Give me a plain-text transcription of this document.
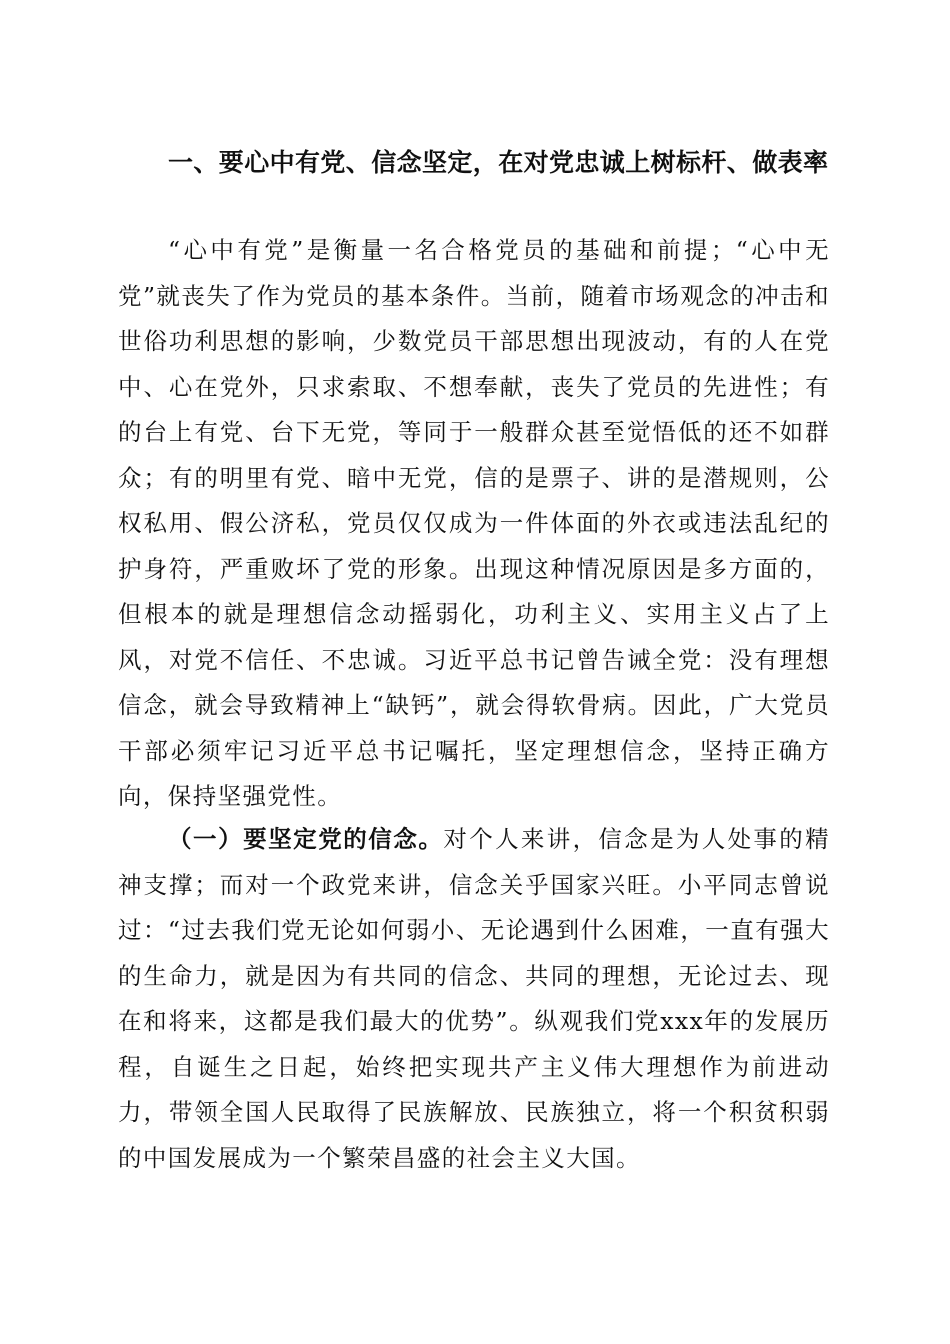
一、要心中有党、信念坚定，在对党忠诚上树标杆、做表率

“心中有党”是衡量一名合格党员的基础和前提；“心中无党”就丧失了作为党员的基本条件。当前，随着市场观念的冲击和世俗功利思想的影响，少数党员干部思想出现波动，有的人在党中、心在党外，只求索取、不想奉献，丧失了党员的先进性；有的台上有党、台下无党，等同于一般群众甚至觉悟低的还不如群众；有的明里有党、暗中无党，信的是票子、讲的是潜规则，公权私用、假公济私，党员仅仅成为一件体面的外衣或违法乱纪的护身符，严重败坏了党的形象。出现这种情况原因是多方面的，但根本的就是理想信念动摇弱化，功利主义、实用主义占了上风，对党不信任、不忠诚。习近平总书记曾告诫全党：没有理想信念，就会导致精神上“缺钙”，就会得软骨病。因此，广大党员干部必须牢记习近平总书记嘱托，坚定理想信念，坚持正确方向，保持坚强党性。

（一）要坚定党的信念。对个人来讲，信念是为人处事的精神支撑；而对一个政党来讲，信念关乎国家兴旺。小平同志曾说过：“过去我们党无论如何弱小、无论遇到什么困难，一直有强大的生命力，就是因为有共同的信念、共同的理想，无论过去、现在和将来，这都是我们最大的优势”。纵观我们党xxx年的发展历程，自诞生之日起，始终把实现共产主义伟大理想作为前进动力，带领全国人民取得了民族解放、民族独立，将一个积贫积弱的中国发展成为一个繁荣昌盛的社会主义大国。
